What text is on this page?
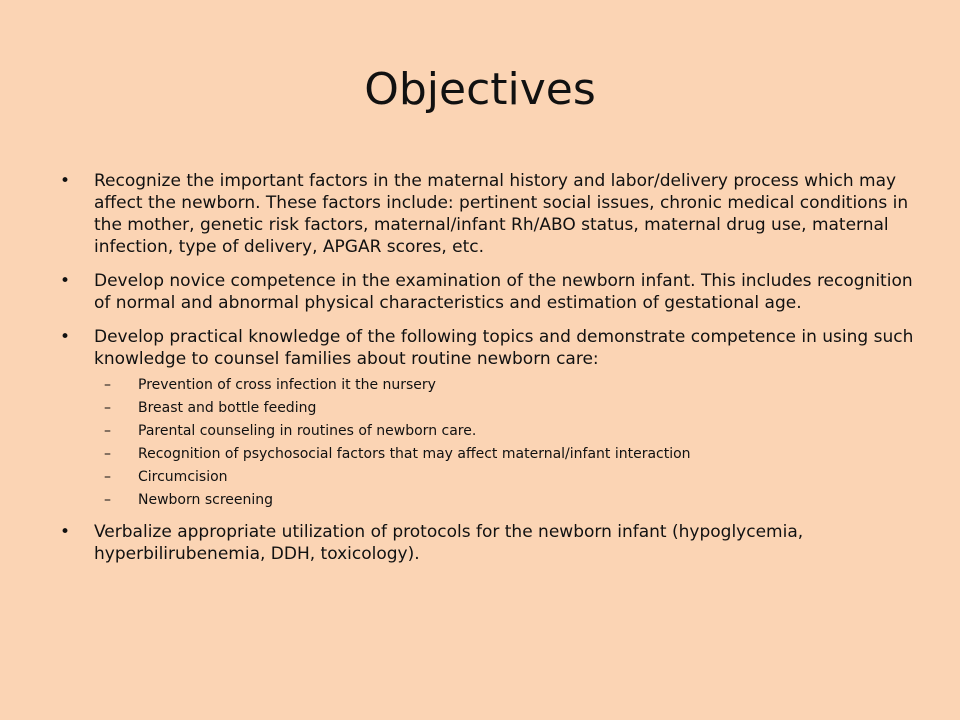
Objectives
•	Recognize the important factors in the maternal history and labor/delivery process which may affect the newborn. These factors include: pertinent social issues, chronic medical conditions in the mother, genetic risk factors, maternal/infant Rh/ABO status, maternal drug use, maternal infection, type of delivery, APGAR scores, etc.
•	Develop novice competence in the examination of the newborn infant. This includes recognition of normal and abnormal physical characteristics and estimation of gestational age.
•	Develop practical knowledge of the following topics and demonstrate competence in using such knowledge to counsel families about routine newborn care:
–	Prevention of cross infection it the nursery
–	Breast and bottle feeding
–	Parental counseling in routines of newborn care.
–	Recognition of psychosocial factors that may affect maternal/infant interaction
–	Circumcision
–	Newborn screening
•	Verbalize appropriate utilization of protocols for the newborn infant (hypoglycemia, hyperbilirubenemia, DDH, toxicology).
